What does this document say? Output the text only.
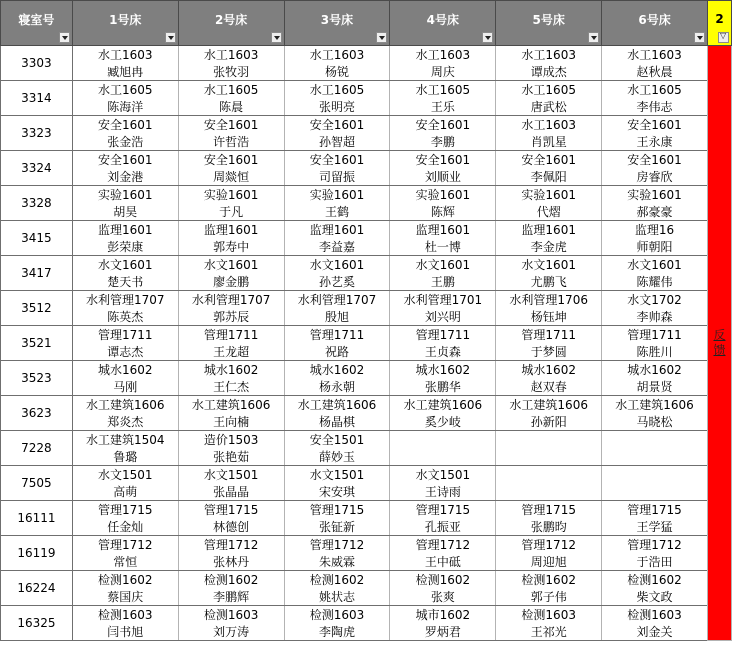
寝室号	1号床	2号床	3号床	4号床	5号床	6号床	2
▽

3303	水工1603	水工1603	水工1603	水工1603	水工1603	水工1603	反馈

	臧旭冉	张牧羽	杨锐	周庆	谭成杰	赵秋晨	
3314	水工1605	水工1605	水工1605	水工1605	水工1605	水工1605	
	陈海洋	陈晨	张明亮	王乐	唐武松	李伟志	
3323	安全1601	安全1601	安全1601	安全1601	水工1603	安全1601	
	张金浩	许哲浩	孙智超	李鹏	肖凯星	王永康	
3324	安全1601	安全1601	安全1601	安全1601	安全1601	安全1601	
	刘金港	周燚恒	司留振	刘顺业	李佩阳	房睿欣	
3328	实验1601	实验1601	实验1601	实验1601	实验1601	实验1601	
	胡昊	于凡	王鹤	陈辉	代熠	郝豪豪	
3415	监理1601	监理1601	监理1601	监理1601	监理1601	监理16	
	彭荣康	郭寿中	李益嘉	杜一博	李金虎	师朝阳	
3417	水文1601	水文1601	水文1601	水文1601	水文1601	水文1601	
	楚天书	廖金鹏	孙艺奚	王鹏	尤鹏飞	陈耀伟	
3512	水利管理1707	水利管理1707	水利管理1707	水利管理1701	水利管理1706	水文1702	
	陈英杰	郭苏辰	殷旭	刘兴明	杨钰坤	李帅森	
3521	管理1711	管理1711	管理1711	管理1711	管理1711	管理1711	
	谭志杰	王龙超	祝路	王贞森	于梦圆	陈胜川	
3523	城水1602	城水1602	城水1602	城水1602	城水1602	城水1602	
	马刚	王仁杰	杨永朝	张鹏华	赵双春	胡景贤	
3623	水工建筑1606	水工建筑1606	水工建筑1606	水工建筑1606	水工建筑1606	水工建筑1606	
	郑炎杰	王向楠	杨晶棋	奚少岐	孙新阳	马晓松	
7228	水工建筑1504	造价1503	安全1501				
	鲁璐	张艳茹	薛妙玉				
7505	水文1501	水文1501	水文1501	水文1501			
	高萌	张晶晶	宋安琪	王诗雨			
16111	管理1715	管理1715	管理1715	管理1715	管理1715	管理1715	
	任金灿	林德创	张钲新	孔振亚	张鹏昀	王学猛	
16119	管理1712	管理1712	管理1712	管理1712	管理1712	管理1712	
	常恒	张林丹	朱威霖	王中砥	周迎旭	于浩田	
16224	检测1602	检测1602	检测1602	检测1602	检测1602	检测1602	
	蔡国庆	李鹏辉	姚状志	张爽	郭子伟	柴文政	
16325	检测1603	检测1603	检测1603	城市1602	检测1603	检测1603	
	闫书旭	刘万涛	李陶虎	罗炳君	王祁光	刘金关	
